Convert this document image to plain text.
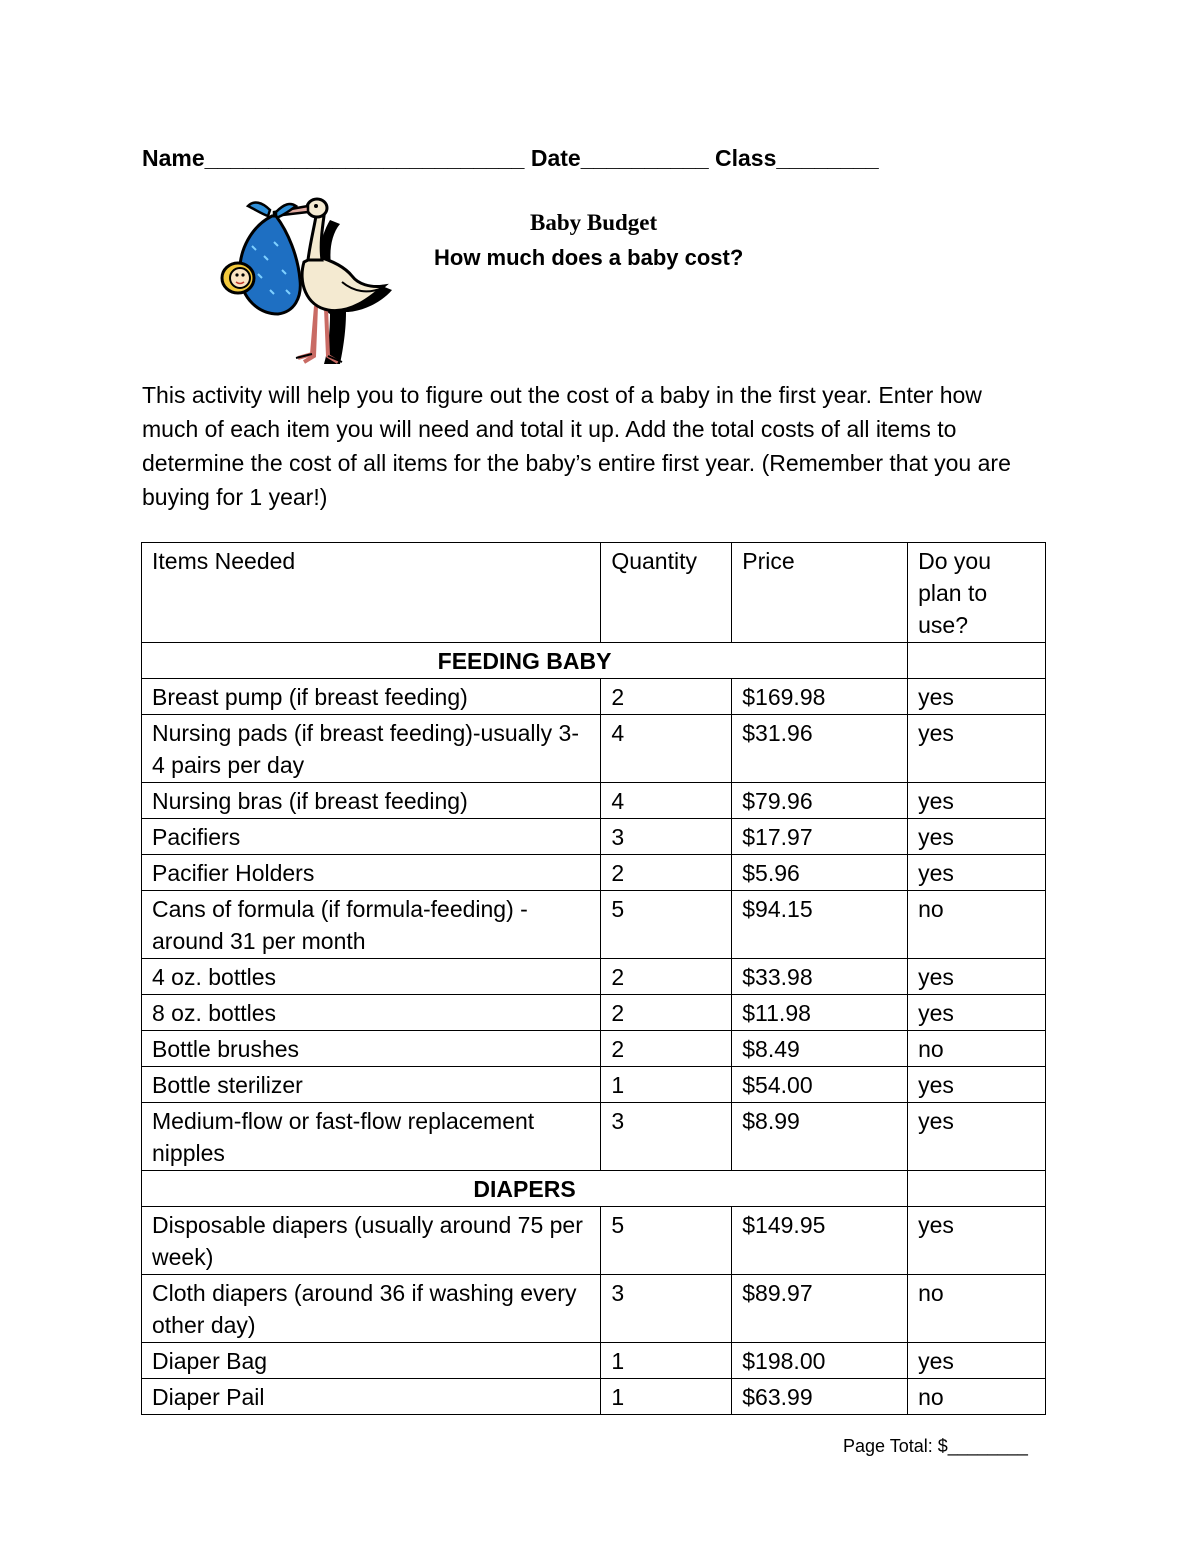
Name_________________________ Date__________ Class________
Baby Budget
How much does a baby cost?
This activity will help you to figure out the cost of a baby in the first year. Enter how much of each item you will need and total it up. Add the total costs of all items to determine the cost of all items for the baby’s entire first year. (Remember that you are buying for 1 year!)
Items Needed	Quantity	Price	Do you plan to use?
FEEDING BABY			
Breast pump (if breast feeding)	2	$169.98	yes
Nursing pads (if breast feeding)-usually 3-4 pairs per day	4	$31.96	yes
Nursing bras (if breast feeding)	4	$79.96	yes
Pacifiers	3	$17.97	yes
Pacifier Holders	2	$5.96	yes
Cans of formula (if formula-feeding) - around 31 per month	5	$94.15	no
4 oz. bottles	2	$33.98	yes
8 oz. bottles	2	$11.98	yes
Bottle brushes	2	$8.49	no
Bottle sterilizer	1	$54.00	yes
Medium-flow or fast-flow replacement nipples	3	$8.99	yes
DIAPERS			
Disposable diapers (usually around 75 per week)	5	$149.95	yes
Cloth diapers (around 36 if washing every other day)	3	$89.97	no
Diaper Bag	1	$198.00	yes
Diaper Pail	1	$63.99	no
Page Total: $________
